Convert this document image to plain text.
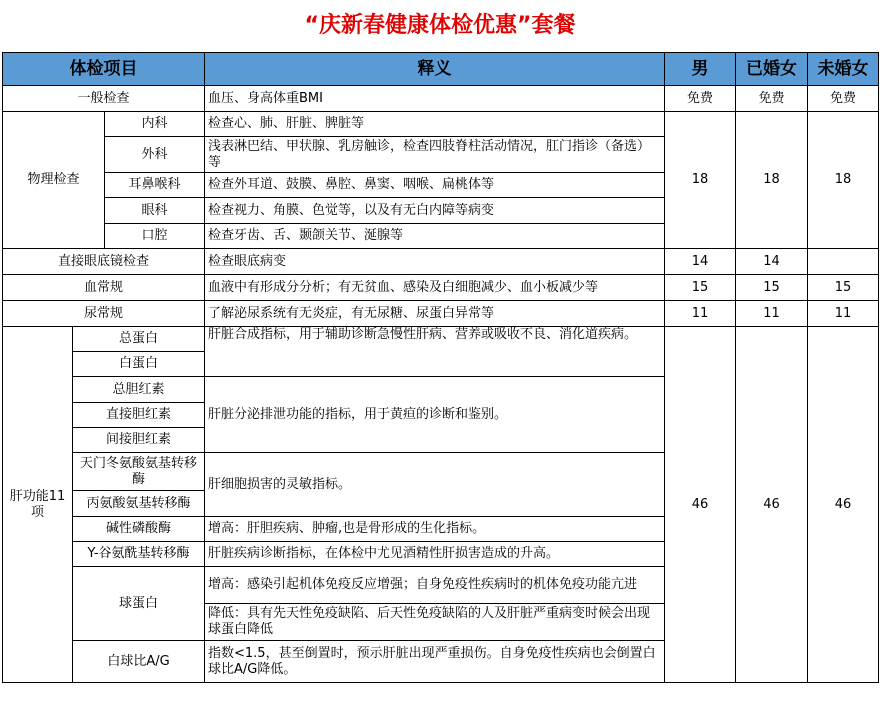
“庆新春健康体检优惠”套餐
体检项目			释义	男	已婚女	未婚女
一般检查			血压、身高体重BMI	免费	免费	免费
物理检查		内科	检查心、肺、肝脏、脾脏等	18	18	18
		外科	浅表淋巴结、甲状腺、乳房触诊，检查四肢脊柱活动情况，肛门指诊（备选）等			
		耳鼻喉科	检查外耳道、鼓膜、鼻腔、鼻窦、咽喉、扁桃体等			
		眼科	检查视力、角膜、色觉等，以及有无白内障等病变			
		口腔	检查牙齿、舌、颞颌关节、涎腺等			
直接眼底镜检查			检查眼底病变	14	14	
血常规			血液中有形成分分析；有无贫血、感染及白细胞减少、血小板减少等	15	15	15
尿常规			了解泌尿系统有无炎症，有无尿糖、尿蛋白异常等	11	11	11
肝功能11项	总蛋白		肝脏合成指标，用于辅助诊断急慢性肝病、营养或吸收不良、消化道疾病。	46	46	46
	白蛋白					
	总胆红素		肝脏分泌排泄功能的指标，用于黄疸的诊断和鉴别。			
	直接胆红素					
	间接胆红素					
	天门冬氨酸氨基转移酶		肝细胞损害的灵敏指标。			
	丙氨酸氨基转移酶					
	碱性磷酸酶		增高：肝胆疾病、肿瘤,也是骨形成的生化指标。			
	Y-谷氨酰基转移酶		肝脏疾病诊断指标，在体检中尤见酒精性肝损害造成的升高。			
	球蛋白		增高：感染引起机体免疫反应增强；自身免疫性疾病时的机体免疫功能亢进			
			降低：具有先天性免疫缺陷、后天性免疫缺陷的人及肝脏严重病变时候会出现球蛋白降低			
	白球比A/G		指数<1.5，甚至倒置时，预示肝脏出现严重损伤。自身免疫性疾病也会倒置白球比A/G降低。			
